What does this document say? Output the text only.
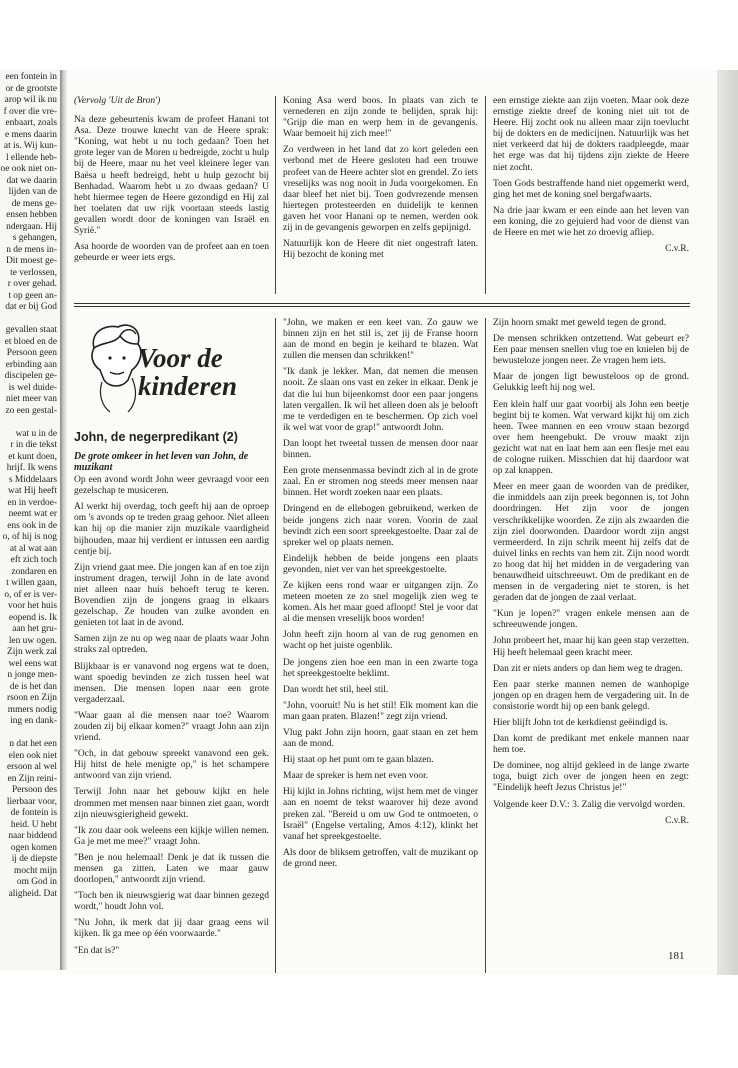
een fontein in
or de grootste
arop wil ik nu
f over die vre-
enbaart, zoals
e mens daarin
at is. Wij kun-
l ellende heb-
oe ook niet on-
dat we daarin
lijden van de
de mens ge-
ensen hebben
ndergaan. Hij
s gehangen,
n de mens in-
Dit moest ge-
te verlossen,
r over gehad.
t op geen an-
dat er bij God

gevallen staat
et bloed en de
Persoon geen
erbinding aan
discipelen ge-
is wel duide-
niet meer van
zo een gestal-

wat u in de
r in die tekst
et kunt doen,
hrijf. Ik wens
s Middelaars
wat Hij heeft
en in verdoe-
neemt wat er
ens ook in de
o, of hij is nog
at al wat aan
eft zich toch
zondaren en
t willen gaan,
o, of er is ver-
voor het huis
eopend is. Ik
aan het gru-
len uw ogen.
Zijn werk zal
wel eens wat
n jonge men-
de is het dan
rsoon en Zijn
mmers nodig
ing en dank-

n dat het een
elen ook niet
ersoon al wel
en Zijn reini-
Persoon des
lierbaar voor,
de fontein is
heid. U hebt
naar biddend
ogen komen
ij de diepste
mocht mijn
om God in
aligheid. Dat

(Vervolg 'Uit de Bron')

Na deze gebeurtenis kwam de profeet Hanani tot Asa. Deze trouwe knecht van de Heere sprak: "Koning, wat hebt u nu toch gedaan? Toen het grote leger van de Moren u bedreigde, zocht u hulp bij de Heere, maar nu het veel kleinere leger van Baësa u heeft bedreigd, hebt u hulp gezocht bij Benhadad. Waarom hebt u zo dwaas gedaan? U hebt hiermee tegen de Heere gezondigd en Hij zal het toelaten dat uw rijk voortaan steeds lastig gevallen wordt door de koningen van Israël en Syrië."

Asa hoorde de woorden van de profeet aan en toen gebeurde er weer iets ergs.

Koning Asa werd boos. In plaats van zich te vernederen en zijn zonde te belijden, sprak hij: "Grijp die man en werp hem in de gevangenis. Waar bemoeit hij zich mee!"

Zo verdween in het land dat zo kort geleden een verbond met de Heere gesloten had een trouwe profeet van de Heere achter slot en grendel. Zo iets vreselijks was nog nooit in Juda voorgekomen. En daar bleef het niet bij. Toen godvrezende mensen hiertegen protesteerden en duidelijk te kennen gaven het voor Hanani op te nemen, werden ook zij in de gevangenis geworpen en zelfs gepijnigd.

Natuurlijk kon de Heere dit niet ongestraft laten. Hij bezocht de koning met

een ernstige ziekte aan zijn voeten. Maar ook deze ernstige ziekte dreef de koning niet uit tot de Heere. Hij zocht ook nu alleen maar zijn toevlucht bij de dokters en de medicijnen. Natuurlijk was het niet verkeerd dat hij de dokters raadpleegde, maar het erge was dat hij tijdens zijn ziekte de Heere niet zocht.

Toen Gods bestraffende hand niet opgemerkt werd, ging het met de koning snel bergafwaarts.

Na drie jaar kwam er een einde aan het leven van een koning, die zo gejuierd had voor de dienst van de Heere en met wie het zo droevig afliep.

C.v.R.

Voor de kinderen
John, de negerpredikant (2)
De grote omkeer in het leven van John, de muzikant

Op een avond wordt John weer gevraagd voor een gezelschap te musiceren.

Al werkt hij overdag, toch geeft hij aan de oproep om 's avonds op te treden graag gehoor. Niet alleen kan hij op die manier zijn muzikale vaardigheid bijhouden, maar hij verdient er intussen een aardig centje bij.

Zijn vriend gaat mee. Die jongen kan af en toe zijn instrument dragen, terwijl John in de late avond niet alleen naar huis behoeft terug te keren. Bovendien zijn de jongens graag in elkaars gezelschap. Ze houden van zulke avonden en genieten tot laat in de avond.

Samen zijn ze nu op weg naar de plaats waar John straks zal optreden.

Blijkbaar is er vanavond nog ergens wat te doen, want spoedig bevinden ze zich tussen heel wat mensen. Die mensen lopen naar een grote vergaderzaal.

"Waar gaan al die mensen naar toe? Waarom zouden zij bij elkaar komen?" vraagt John aan zijn vriend.

"Och, in dat gebouw spreekt vanavond een gek. Hij hitst de hele menigte op," is het schampere antwoord van zijn vriend.

Terwijl John naar het gebouw kijkt en hele drommen met mensen naar binnen ziet gaan, wordt zijn nieuwsgierigheid gewekt.

"Ik zou daar ook weleens een kijkje willen nemen. Ga je met me mee?" vraagt John.

"Ben je nou helemaal! Denk je dat ik tussen die mensen ga zitten. Laten we maar gauw doorlopen," antwoordt zijn vriend.

"Toch ben ik nieuwsgierig wat daar binnen gezegd wordt," houdt John vol.

"Nu John, ik merk dat jij daar graag eens wil kijken. Ik ga mee op één voorwaarde."

"En dat is?"

"John, we maken er een keet van. Zo gauw we binnen zijn en het stil is, zet jij de Franse hoorn aan de mond en begin je keihard te blazen. Wat zullen die mensen dan schrikken!"

"Ik dank je lekker. Man, dat nemen die mensen nooit. Ze slaan ons vast en zeker in elkaar. Denk je dat die lui hun bijeenkomst door een paar jongens laten vergallen. Ik wil het alleen doen als je belooft me te verdedigen en te beschermen. Op zich voel ik wel wat voor de grap!" antwoordt John.

Dan loopt het tweetal tussen de mensen door naar binnen.

Een grote mensenmassa bevindt zich al in de grote zaal. En er stromen nog steeds meer mensen naar binnen. Het wordt zoeken naar een plaats.

Dringend en de ellebogen gebruikend, werken de beide jongens zich naar voren. Voorin de zaal bevindt zich een soort spreekgestoelte. Daar zal de spreker wel op plaats nemen.

Eindelijk hebben de beide jongens een plaats gevonden, niet ver van het spreekgestoelte.

Ze kijken eens rond waar er uitgangen zijn. Zo meteen moeten ze zo snel mogelijk zien weg te komen. Als het maar goed afloopt! Stel je voor dat al die mensen vreselijk boos worden!

John heeft zijn hoorn al van de rug genomen en wacht op het juiste ogenblik.

De jongens zien hoe een man in een zwarte toga het spreekgestoelte beklimt.

Dan wordt het stil, heel stil.

"John, vooruit! Nu is het stil! Elk moment kan die man gaan praten. Blazen!" zegt zijn vriend.

Vlug pakt John zijn hoorn, gaat staan en zet hem aan de mond.

Hij staat op het punt om te gaan blazen.

Maar de spreker is hem net even voor.

Hij kijkt in Johns richting, wijst hem met de vinger aan en noemt de tekst waarover hij deze avond preken zal. "Bereid u om uw God te ontmoeten, o Israël" (Engelse vertaling, Amos 4:12), klinkt het vanaf het spreekgestoelte.

Als door de bliksem getroffen, valt de muzikant op de grond neer.

Zijn hoorn smakt met geweld tegen de grond.

De mensen schrikken ontzettend. Wat gebeurt er? Een paar mensen snellen vlug toe en knielen bij de bewusteloze jongen neer. Ze vragen hem iets.

Maar de jongen ligt bewusteloos op de grond. Gelukkig leeft hij nog wel.

Een klein half uur gaat voorbij als John een beetje begint bij te komen. Wat verward kijkt hij om zich heen. Twee mannen en een vrouw staan bezorgd over hem heengebukt. De vrouw maakt zijn gezicht wat nat en laat hem aan een flesje met eau de cologne ruiken. Misschien dat hij daardoor wat op zal knappen.

Meer en meer gaan de woorden van de prediker, die inmiddels aan zijn preek begonnen is, tot John doordringen. Het zijn voor de jongen verschrikkelijke woorden. Ze zijn als zwaarden die zijn ziel doorwonden. Daardoor wordt zijn angst vermeerderd. In zijn schrik meent hij zelfs dat de duivel links en rechts van hem zit. Zijn nood wordt zo hoog dat hij het midden in de vergadering van benauwdheid uitschreeuwt. Om de predikant en de mensen in de vergadering niet te storen, is het geraden dat de jongen de zaal verlaat.

"Kun je lopen?" vragen enkele mensen aan de schreeuwende jongen.

John probeert het, maar hij kan geen stap verzetten. Hij heeft helemaal geen kracht meer.

Dan zit er niets anders op dan hem weg te dragen.

Een paar sterke mannen nemen de wanhopige jongen op en dragen hem de vergadering uit. In de consistorie wordt hij op een bank gelegd.

Hier blijft John tot de kerkdienst geëindigd is.

Dan komt de predikant met enkele mannen naar hem toe.

De dominee, nog altijd gekleed in de lange zwarte toga, buigt zich over de jongen heen en zegt: "Eindelijk heeft Jezus Christus je!"

Volgende keer D.V.: 3. Zalig die vervolgd worden.

C.v.R.

181
